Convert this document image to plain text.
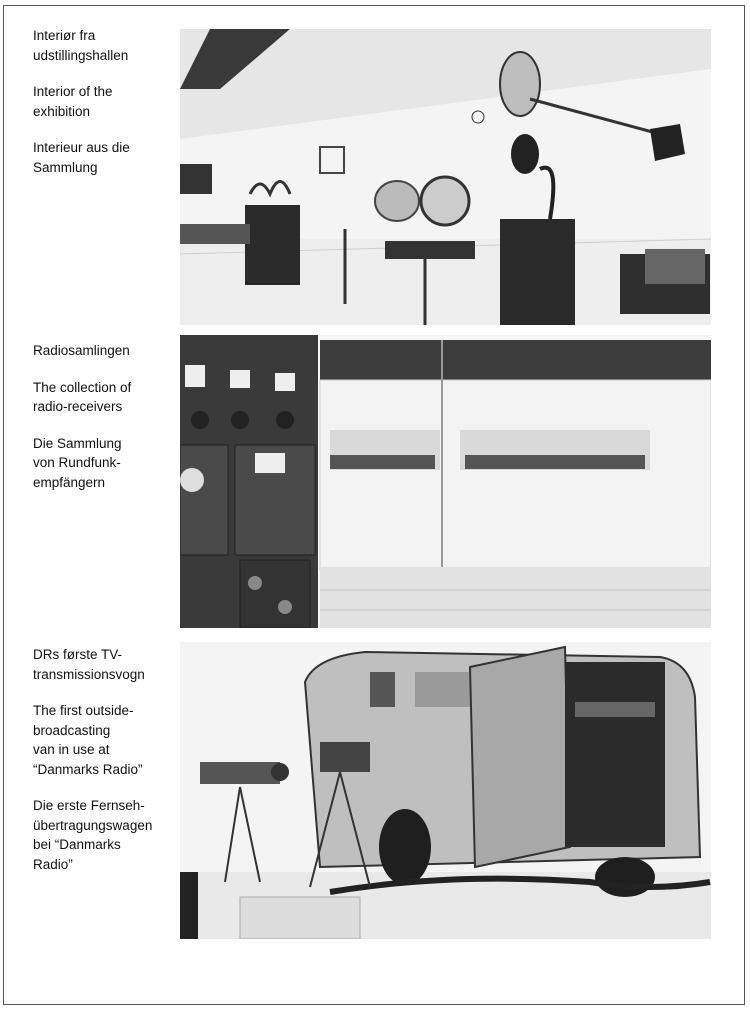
Interiør fra
udstillingshallen

Interior of the
exhibition

Interieur aus die
Sammlung

Radiosamlingen

The collection of
radio-receivers

Die Sammlung
von Rundfunk-
empfängern

DRs første TV-
transmissionsvogn

The first outside-
broadcasting
van in use at
“Danmarks Radio”

Die erste Fernseh-
übertragungswagen
bei “Danmarks
Radio”
